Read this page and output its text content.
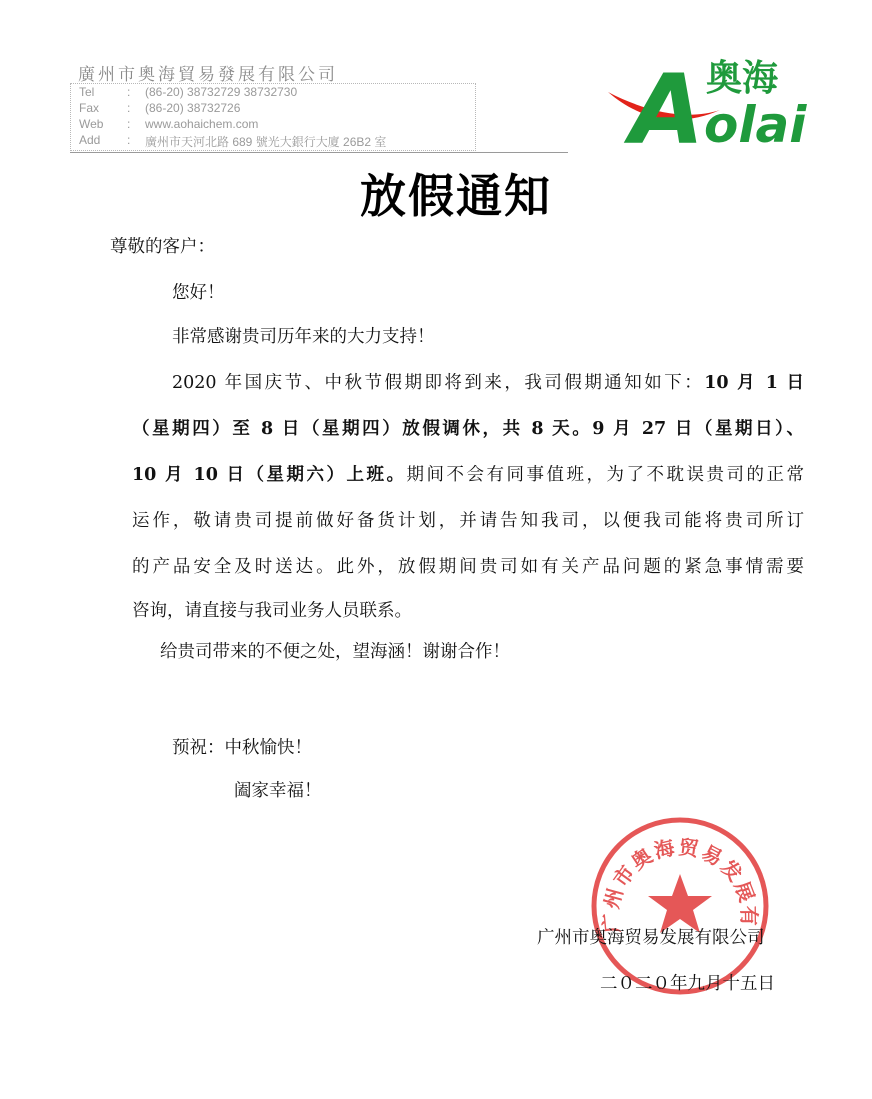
廣州市奧海貿易發展有限公司
Tel	: (86-20) 38732729 38732730
Fax	: (86-20) 38732726
Web	: www.aohaichem.com
Add	: 廣州市天河北路 689 號光大銀行大廈 26B2 室	A 奥海
olai
放假通知
尊敬的客户：
您好！
非常感谢贵司历年来的大力支持！
2020 年国庆节、中秋节假期即将到来，我司假期通知如下：10 月 1 日
（星期四）至 8 日（星期四）放假调休，共 8 天。9 月 27 日（星期日）、
10 月 10 日（星期六）上班。期间不会有同事值班，为了不耽误贵司的正常
运作，敬请贵司提前做好备货计划，并请告知我司，以便我司能将贵司所订
的产品安全及时送达。此外，放假期间贵司如有关产品问题的紧急事情需要
咨询，请直接与我司业务人员联系。
给贵司带来的不便之处，望海涵！谢谢合作！
预祝：中秋愉快！
阖家幸福！
广州市奥海贸易发展有
广州市奥海贸易发展有限公司
二０二０年九月十五日
